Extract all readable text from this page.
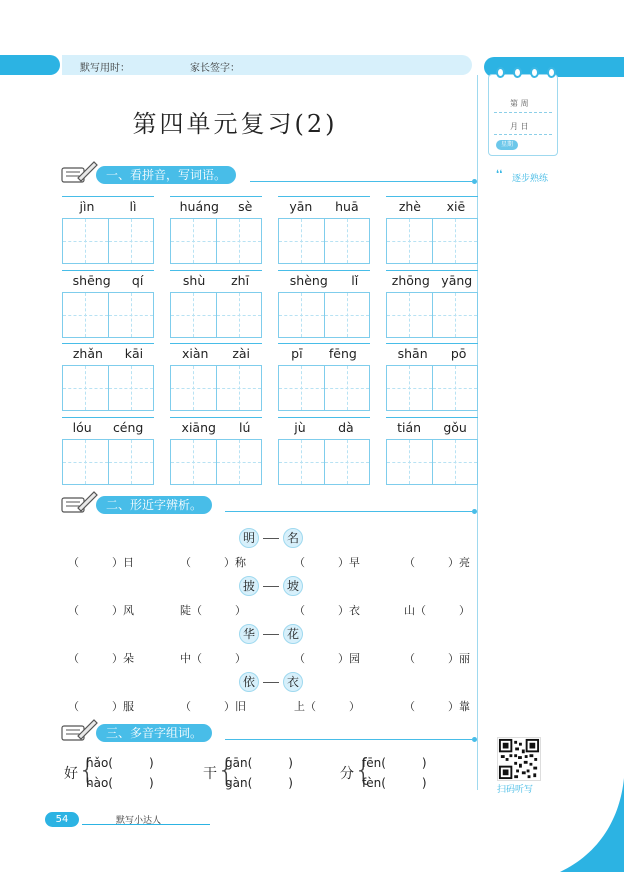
默写用时：	家长签字：
第 周
月 日
星期
❛❛ 逐步熟练
第四单元复习(2)
一、看拼音，写词语。
jìn	lì	huáng sè	yān huā	zhè xiē
shēng qí	shù zhī	shèng lǐ	zhōng yāng
zhǎn kāi	xiàn zài	pī fēng	shān pō
lóu céng	xiāng lú	jù	dà	tián gǒu
二、形近字辨析。
明	名
（　　　）日	（　　　）称	（　　　）早	（　　　）亮
披	坡
（　　　）风	陡（　　　）	（　　　）衣	山（　　　）
华	花
（　　　）朵	中（　　　）	（　　　）园	（　　　）丽
依	衣
（　　　）服	（　　　）旧	上（　　　）	（　　　）靠
三、多音字组词。
好 {
hǎo(　　　)
hào(　　　)
干 {
gān(　　　)
gàn(　　　)
分 {
fēn(　　　)
fèn(　　　)	扫码听写
54	默写小达人
